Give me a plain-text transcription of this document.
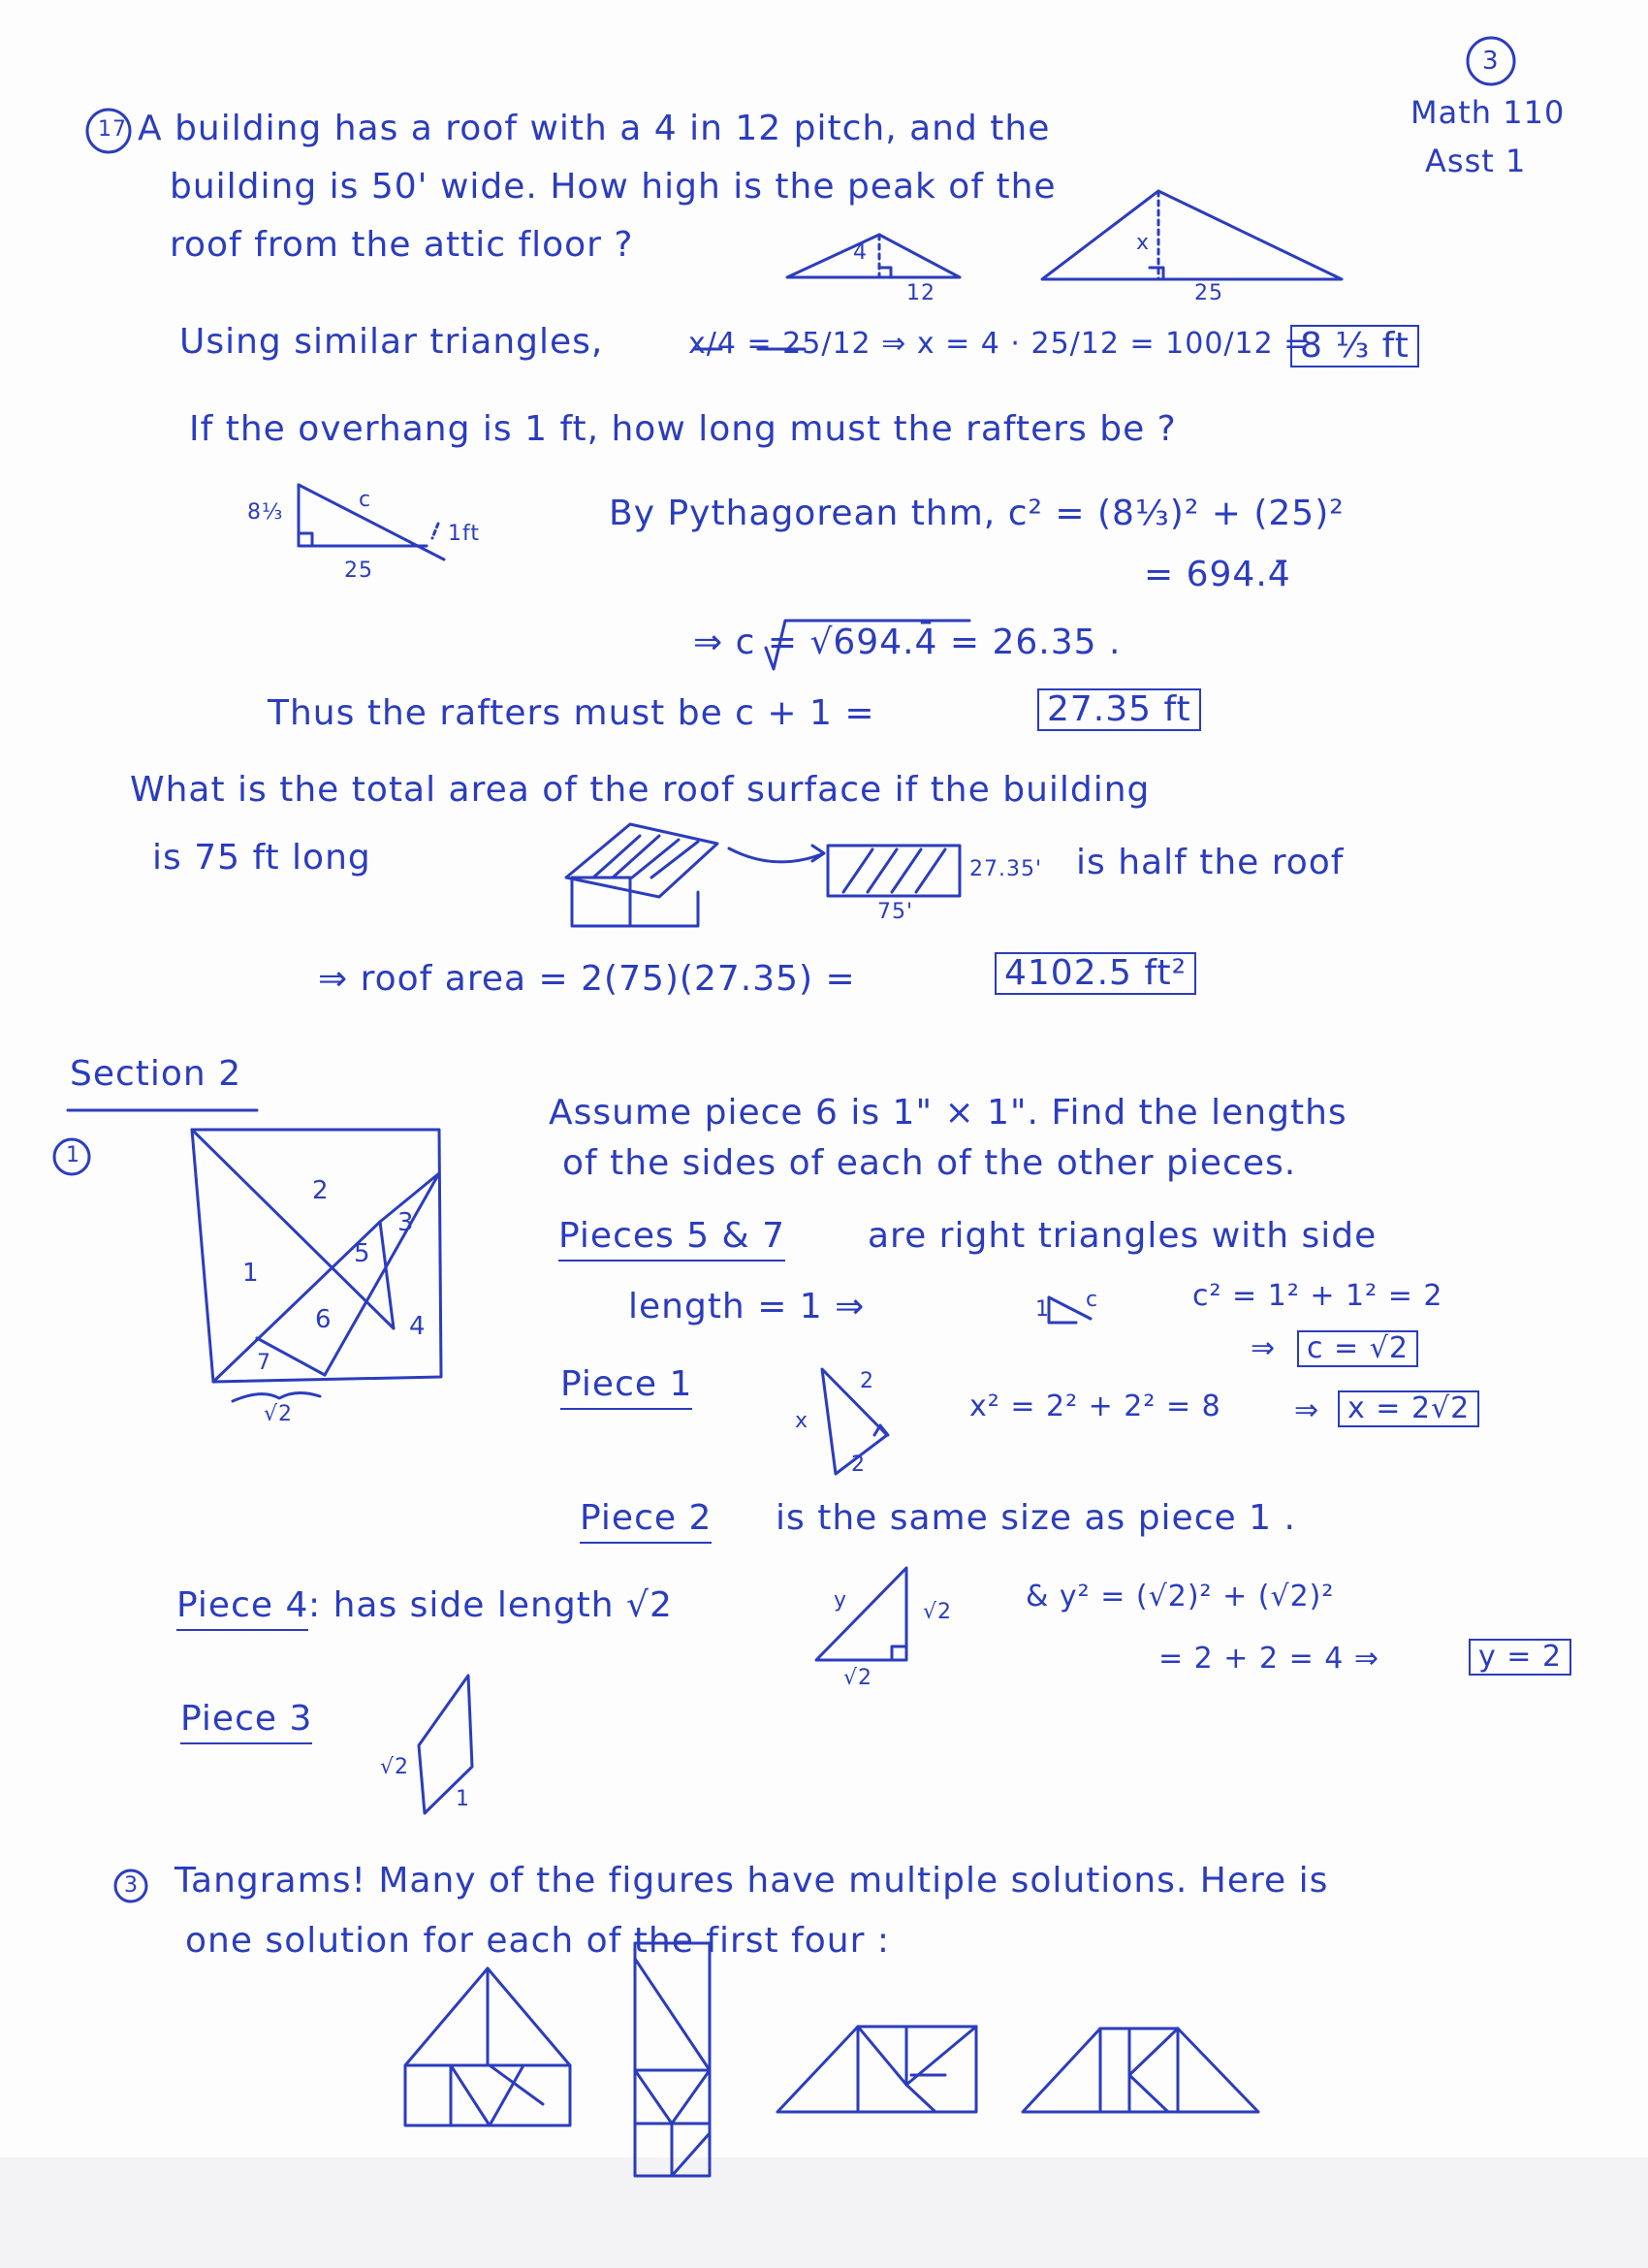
3
Math 110
Asst 1
17 A building has a roof with a 4 in 12 pitch, and the
building is 50' wide. How high is the peak of the
roof from the attic floor ?	4
12
x
25
Using similar triangles,	x/4 = 25/12 ⇒ x = 4 · 25/12 = 100/12 =
8 ⅓ ft
If the overhang is 1 ft, how long must the rafters be ?
8⅓
c
25
1ft
By Pythagorean thm, c² = (8⅓)² + (25)²
= 694.4̄
⇒ c = √694.4̄ = 26.35 .
Thus the rafters must be c + 1 =	27.35 ft
What is the total area of the roof surface if the building
is 75 ft long	27.35'
75'
is half the roof
⇒ roof area = 2(75)(27.35) =	4102.5 ft²
Section 2
1
1
2
3
4
5
6
7
√2
Assume piece 6 is 1" × 1". Find the lengths
of the sides of each of the other pieces.
Pieces 5 & 7 are right triangles with side
length = 1 ⇒	1 c	c² = 1² + 1² = 2
⇒	c = √2
Piece 1
x
2
2
x² = 2² + 2² = 8	⇒ x = 2√2
Piece 2 is the same size as piece 1 .
Piece 4 : has side length √2	y	√2
√2
& y² = (√2)² + (√2)²
= 2 + 2 = 4 ⇒	y = 2
Piece 3
√2
1
3 Tangrams! Many of the figures have multiple solutions. Here is
one solution for each of the first four :
